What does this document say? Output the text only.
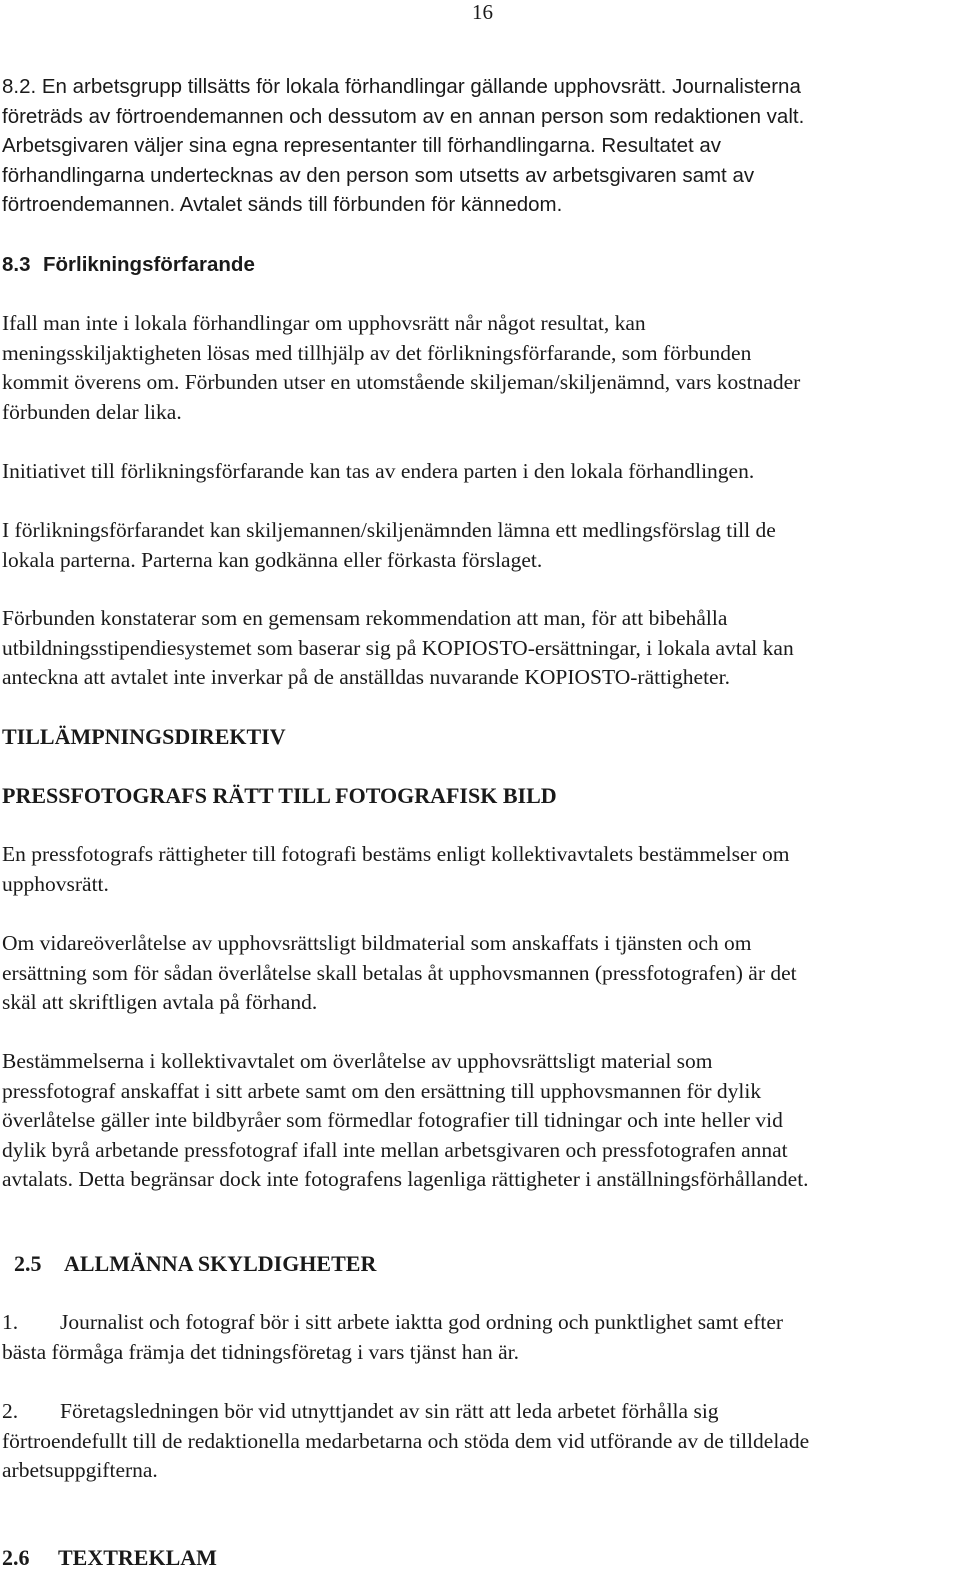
16
8.2. En arbetsgrupp tillsätts för lokala förhandlingar gällande upphovsrätt. Journalisterna
företräds av förtroendemannen och dessutom av en annan person som redaktionen valt.
Arbetsgivaren väljer sina egna representanter till förhandlingarna. Resultatet av
förhandlingarna undertecknas av den person som utsetts av arbetsgivaren samt av
förtroendemannen. Avtalet sänds till förbunden för kännedom.
8.3 Förlikningsförfarande
Ifall man inte i lokala förhandlingar om upphovsrätt når något resultat, kan
meningsskiljaktigheten lösas med tillhjälp av det förlikningsförfarande, som förbunden
kommit överens om. Förbunden utser en utomstående skiljeman/skiljenämnd, vars kostnader
förbunden delar lika.
Initiativet till förlikningsförfarande kan tas av endera parten i den lokala förhandlingen.
I förlikningsförfarandet kan skiljemannen/skiljenämnden lämna ett medlingsförslag till de
lokala parterna. Parterna kan godkänna eller förkasta förslaget.
Förbunden konstaterar som en gemensam rekommendation att man, för att bibehålla
utbildningsstipendiesystemet som baserar sig på KOPIOSTO-ersättningar, i lokala avtal kan
anteckna att avtalet inte inverkar på de anställdas nuvarande KOPIOSTO-rättigheter.
TILLÄMPNINGSDIREKTIV
PRESSFOTOGRAFS RÄTT TILL FOTOGRAFISK BILD
En pressfotografs rättigheter till fotografi bestäms enligt kollektivavtalets bestämmelser om
upphovsrätt.
Om vidareöverlåtelse av upphovsrättsligt bildmaterial som anskaffats i tjänsten och om
ersättning som för sådan överlåtelse skall betalas åt upphovsmannen (pressfotografen) är det
skäl att skriftligen avtala på förhand.
Bestämmelserna i kollektivavtalet om överlåtelse av upphovsrättsligt material som
pressfotograf anskaffat i sitt arbete samt om den ersättning till upphovsmannen för dylik
överlåtelse gäller inte bildbyråer som förmedlar fotografier till tidningar och inte heller vid
dylik byrå arbetande pressfotograf ifall inte mellan arbetsgivaren och pressfotografen annat
avtalats. Detta begränsar dock inte fotografens lagenliga rättigheter i anställningsförhållandet.
2.5 ALLMÄNNA SKYLDIGHETER
1. Journalist och fotograf bör i sitt arbete iaktta god ordning och punktlighet samt efter
bästa förmåga främja det tidningsföretag i vars tjänst han är.
2. Företagsledningen bör vid utnyttjandet av sin rätt att leda arbetet förhålla sig
förtroendefullt till de redaktionella medarbetarna och stöda dem vid utförande av de tilldelade
arbetsuppgifterna.
2.6 TEXTREKLAM
